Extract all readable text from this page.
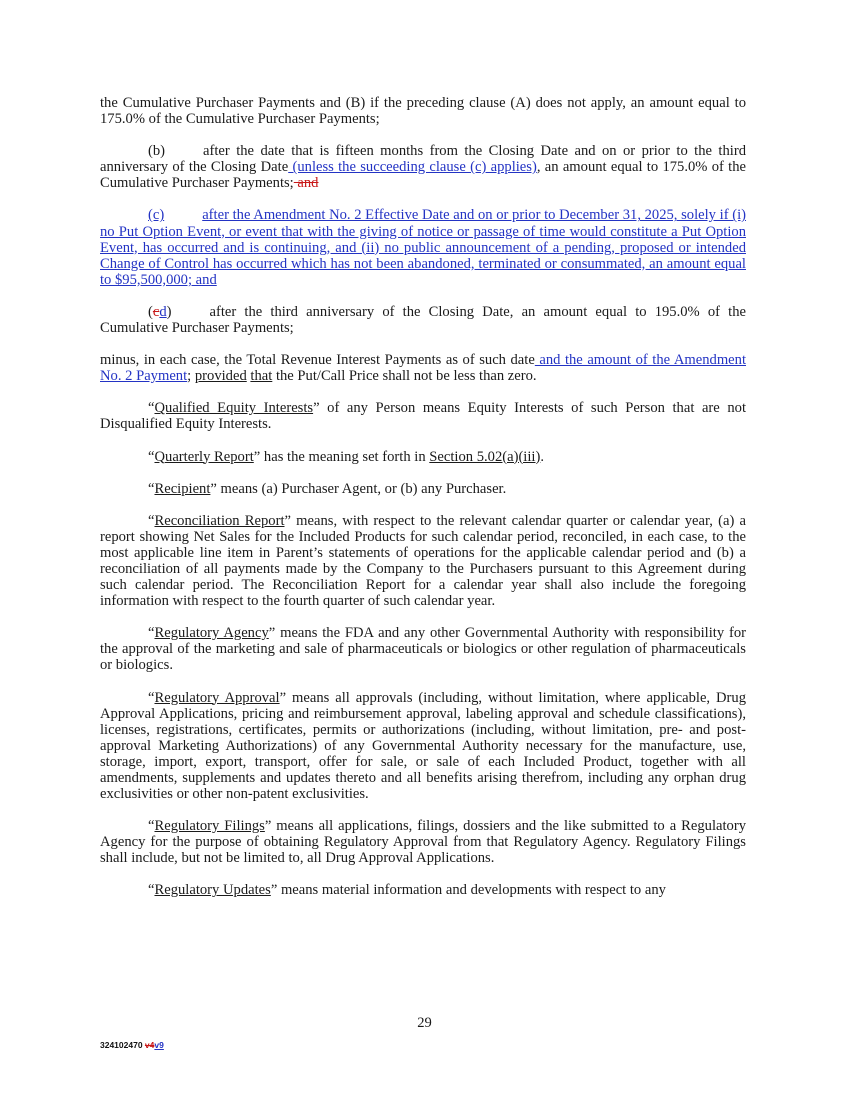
the Cumulative Purchaser Payments and (B) if the preceding clause (A) does not apply, an amount equal to 175.0% of the Cumulative Purchaser Payments;

(b)	after the date that is fifteen months from the Closing Date and on or prior to the third anniversary of the Closing Date (unless the succeeding clause (c) applies), an amount equal to 175.0% of the Cumulative Purchaser Payments; and

(c)	after the Amendment No. 2 Effective Date and on or prior to December 31, 2025, solely if (i) no Put Option Event, or event that with the giving of notice or passage of time would constitute a Put Option Event, has occurred and is continuing, and (ii) no public announcement of a pending, proposed or intended Change of Control has occurred which has not been abandoned, terminated or consummated, an amount equal to $95,500,000; and

(cd)	after the third anniversary of the Closing Date, an amount equal to 195.0% of the Cumulative Purchaser Payments;

minus, in each case, the Total Revenue Interest Payments as of such date and the amount of the Amendment No. 2 Payment; provided that the Put/Call Price shall not be less than zero.

“Qualified Equity Interests” of any Person means Equity Interests of such Person that are not Disqualified Equity Interests.

“Quarterly Report” has the meaning set forth in Section 5.02(a)(iii).

“Recipient” means (a) Purchaser Agent, or (b) any Purchaser.

“Reconciliation Report” means, with respect to the relevant calendar quarter or calendar year, (a) a report showing Net Sales for the Included Products for such calendar period, reconciled, in each case, to the most applicable line item in Parent’s statements of operations for the applicable calendar period and (b) a reconciliation of all payments made by the Company to the Purchasers pursuant to this Agreement during such calendar period. The Reconciliation Report for a calendar year shall also include the foregoing information with respect to the fourth quarter of such calendar year.

“Regulatory Agency” means the FDA and any other Governmental Authority with responsibility for the approval of the marketing and sale of pharmaceuticals or biologics or other regulation of pharmaceuticals or biologics.

“Regulatory Approval” means all approvals (including, without limitation, where applicable, Drug Approval Applications, pricing and reimbursement approval, labeling approval and schedule classifications), licenses, registrations, certificates, permits or authorizations (including, without limitation, pre- and post-approval Marketing Authorizations) of any Governmental Authority necessary for the manufacture, use, storage, import, export, transport, offer for sale, or sale of each Included Product, together with all amendments, supplements and updates thereto and all benefits arising therefrom, including any orphan drug exclusivities or other non-patent exclusivities.

“Regulatory Filings” means all applications, filings, dossiers and the like submitted to a Regulatory Agency for the purpose of obtaining Regulatory Approval from that Regulatory Agency. Regulatory Filings shall include, but not be limited to, all Drug Approval Applications.

“Regulatory Updates” means material information and developments with respect to any

29
324102470 v4v9
